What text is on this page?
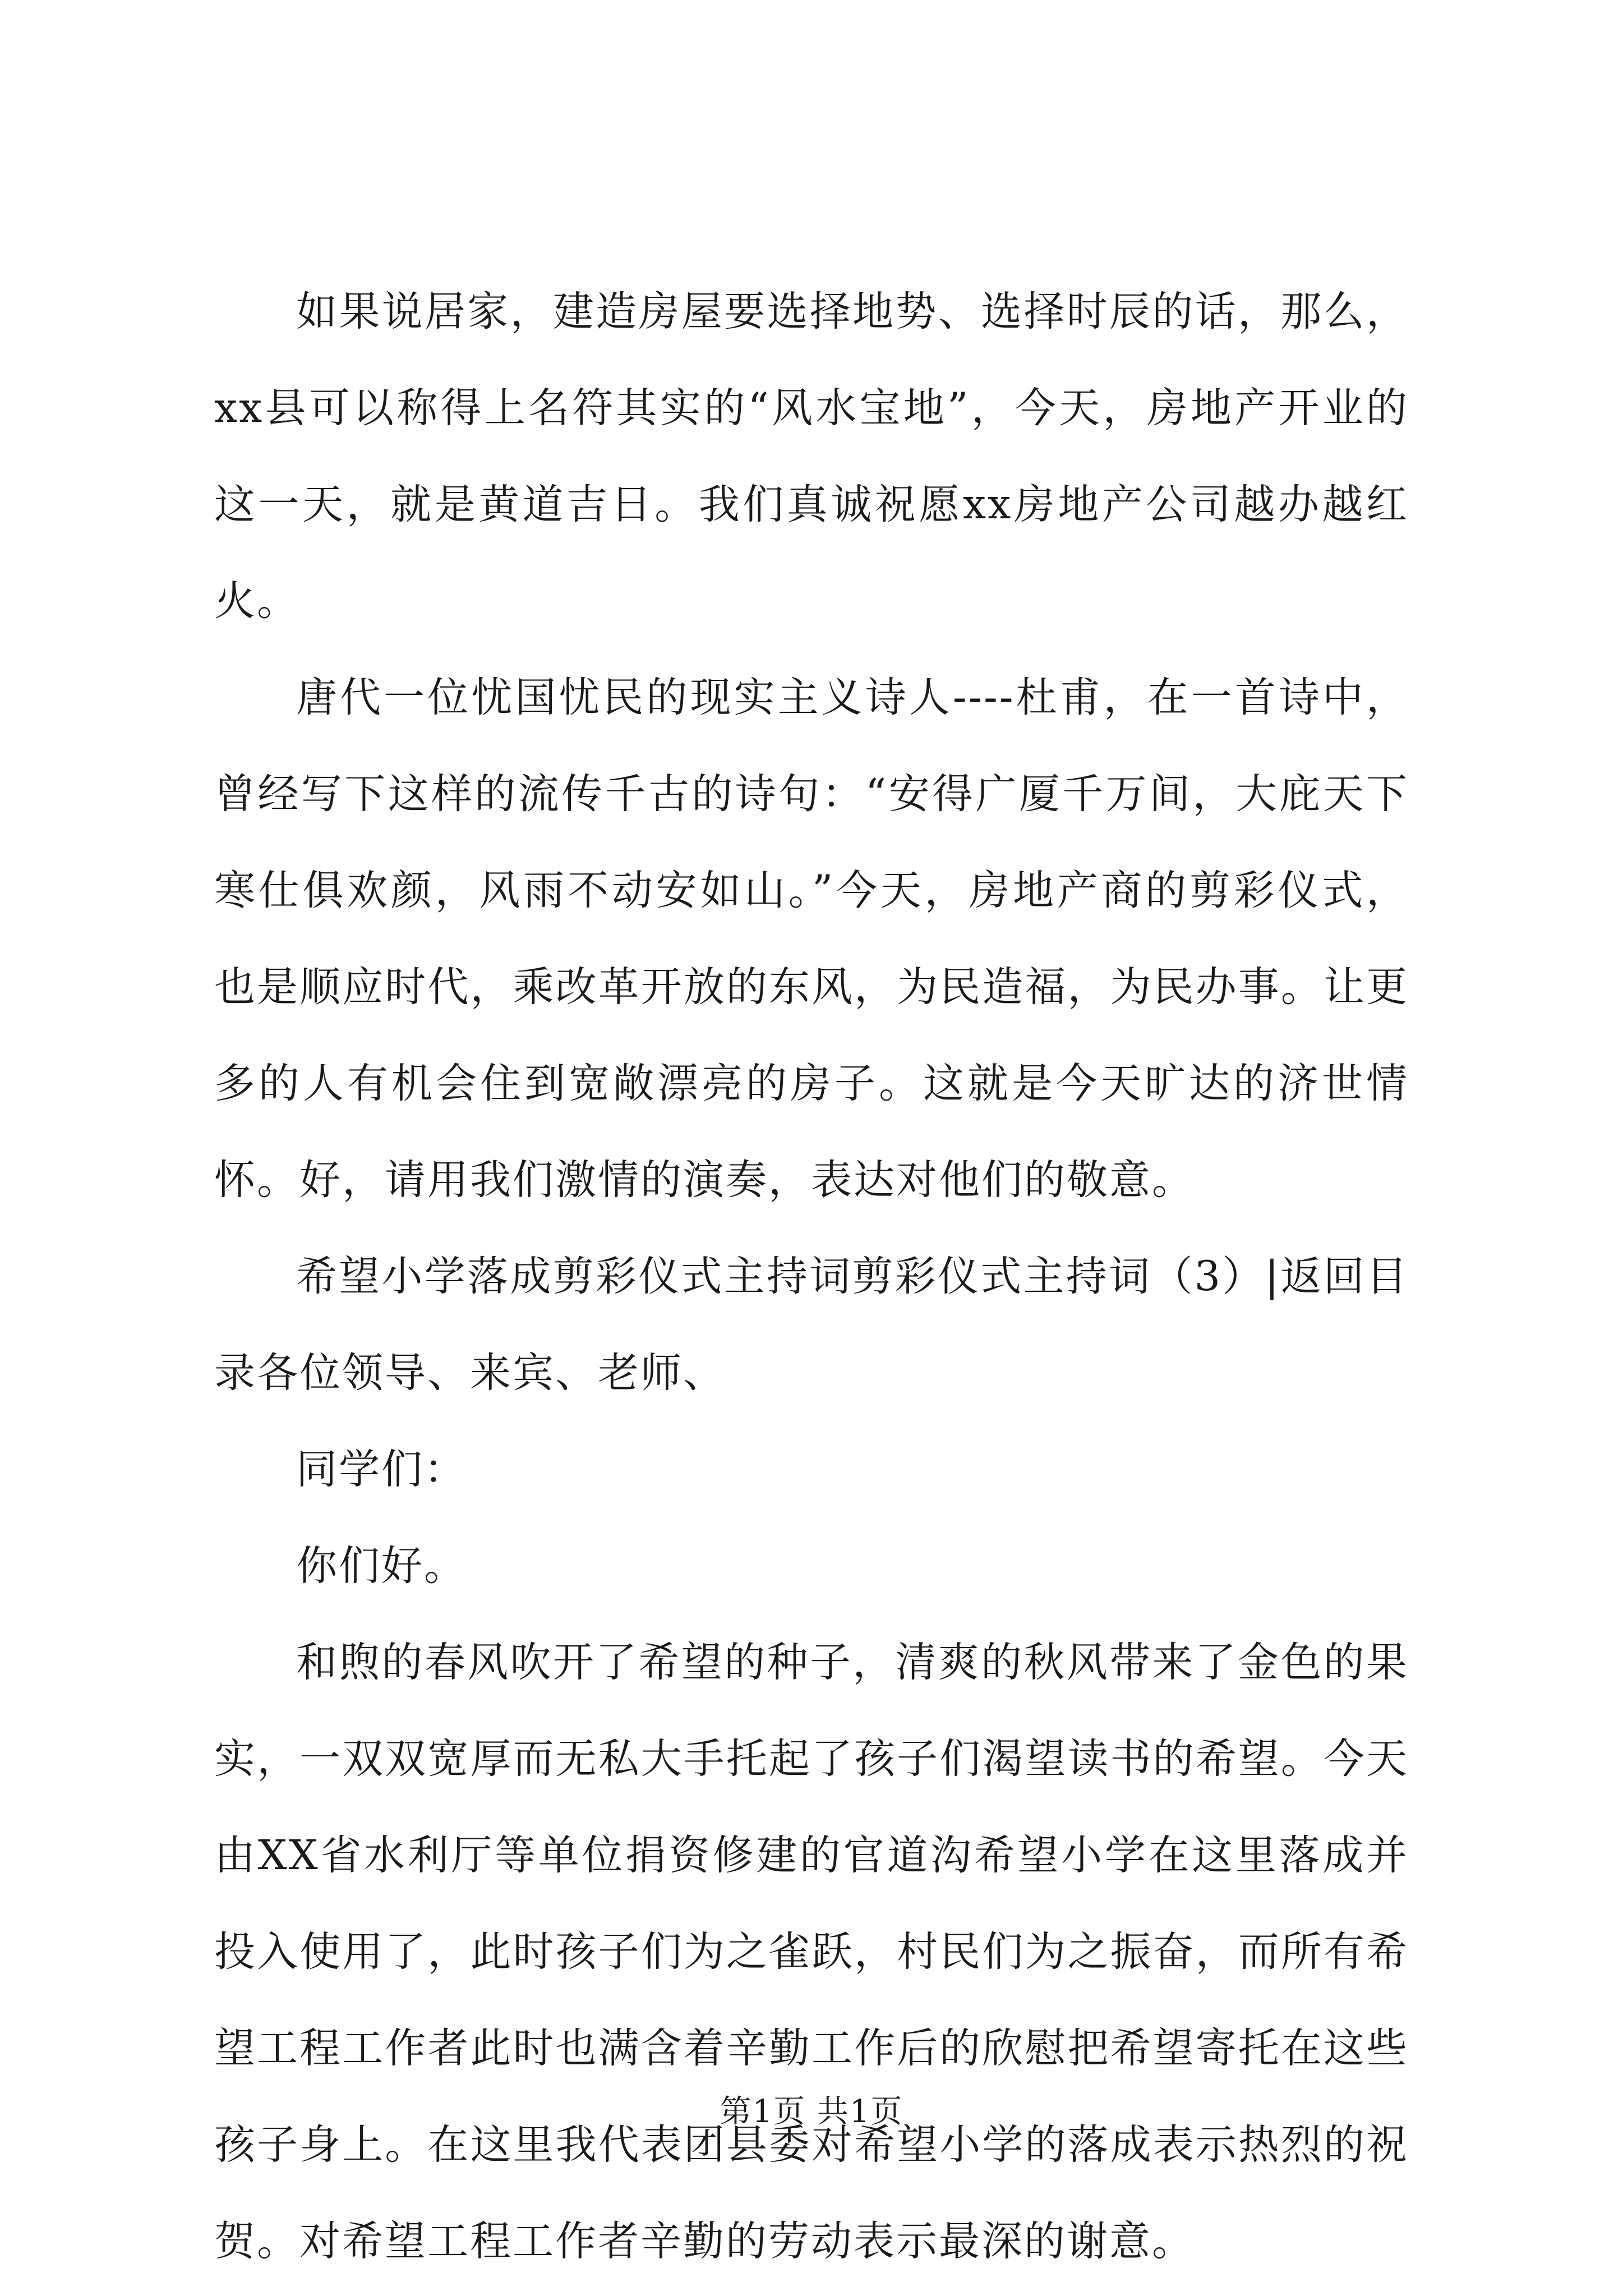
如果说居家，建造房屋要选择地势、选择时辰的话，那么，xx县可以称得上名符其实的“风水宝地”，今天，房地产开业的这一天，就是黄道吉日。我们真诚祝愿xx房地产公司越办越红火。

唐代一位忧国忧民的现实主义诗人----杜甫，在一首诗中，曾经写下这样的流传千古的诗句：“安得广厦千万间，大庇天下寒仕俱欢颜，风雨不动安如山。”今天，房地产商的剪彩仪式，也是顺应时代，乘改革开放的东风，为民造福，为民办事。让更多的人有机会住到宽敞漂亮的房子。这就是今天旷达的济世情怀。好，请用我们激情的演奏，表达对他们的敬意。

希望小学落成剪彩仪式主持词剪彩仪式主持词（3）|返回目录各位领导、来宾、老师、

同学们：

你们好。

和煦的春风吹开了希望的种子，清爽的秋风带来了金色的果实，一双双宽厚而无私大手托起了孩子们渴望读书的希望。今天由XX省水利厅等单位捐资修建的官道沟希望小学在这里落成并投入使用了，此时孩子们为之雀跃，村民们为之振奋，而所有希望工程工作者此时也满含着辛勤工作后的欣慰把希望寄托在这些孩子身上。在这里我代表团县委对希望小学的落成表示热烈的祝贺。对希望工程工作者辛勤的劳动表示最深的谢意。

第1页 共1页
